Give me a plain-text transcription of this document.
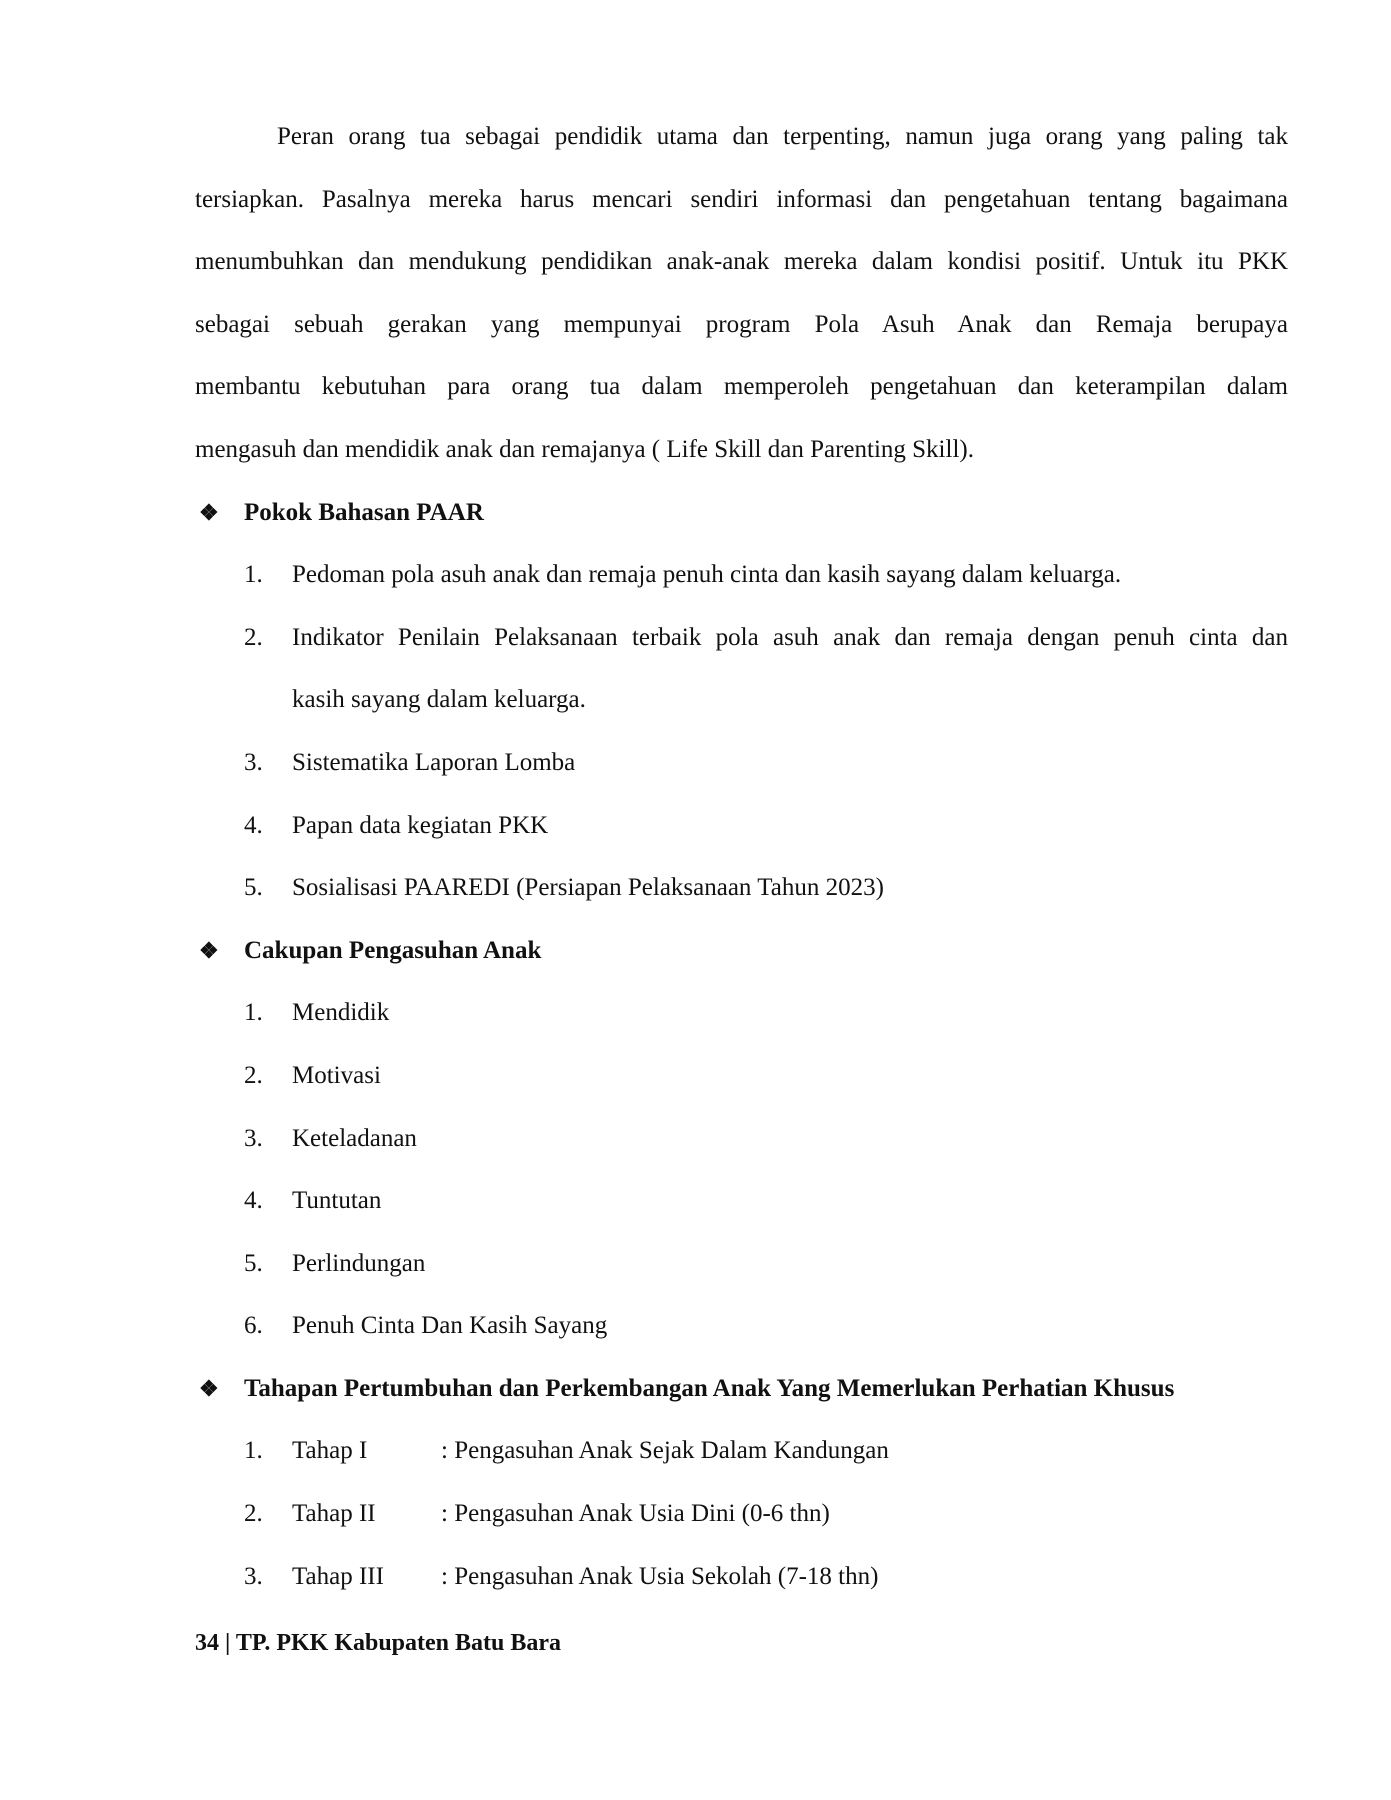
Peran orang tua sebagai pendidik utama dan terpenting, namun juga orang yang paling tak
tersiapkan. Pasalnya mereka harus mencari sendiri informasi dan pengetahuan tentang bagaimana
menumbuhkan dan mendukung pendidikan anak-anak mereka dalam kondisi positif. Untuk itu PKK
sebagai sebuah gerakan yang mempunyai program Pola Asuh Anak dan Remaja berupaya
membantu kebutuhan para orang tua dalam memperoleh pengetahuan dan keterampilan dalam
mengasuh dan mendidik anak dan remajanya ( Life Skill dan Parenting Skill).
❖ Pokok Bahasan PAAR
1. Pedoman pola asuh anak dan remaja penuh cinta dan kasih sayang dalam keluarga.
2. Indikator Penilain Pelaksanaan terbaik pola asuh anak dan remaja dengan penuh cinta dan
kasih sayang dalam keluarga.
3. Sistematika Laporan Lomba
4. Papan data kegiatan PKK
5. Sosialisasi PAAREDI (Persiapan Pelaksanaan Tahun 2023)
❖ Cakupan Pengasuhan Anak
1. Mendidik
2. Motivasi
3. Keteladanan
4. Tuntutan
5. Perlindungan
6. Penuh Cinta Dan Kasih Sayang
❖ Tahapan Pertumbuhan dan Perkembangan Anak Yang Memerlukan Perhatian Khusus
1. Tahap I	: Pengasuhan Anak Sejak Dalam Kandungan
2. Tahap II	: Pengasuhan Anak Usia Dini (0-6 thn)
3. Tahap III	: Pengasuhan Anak Usia Sekolah (7-18 thn)
34 | TP. PKK Kabupaten Batu Bara
